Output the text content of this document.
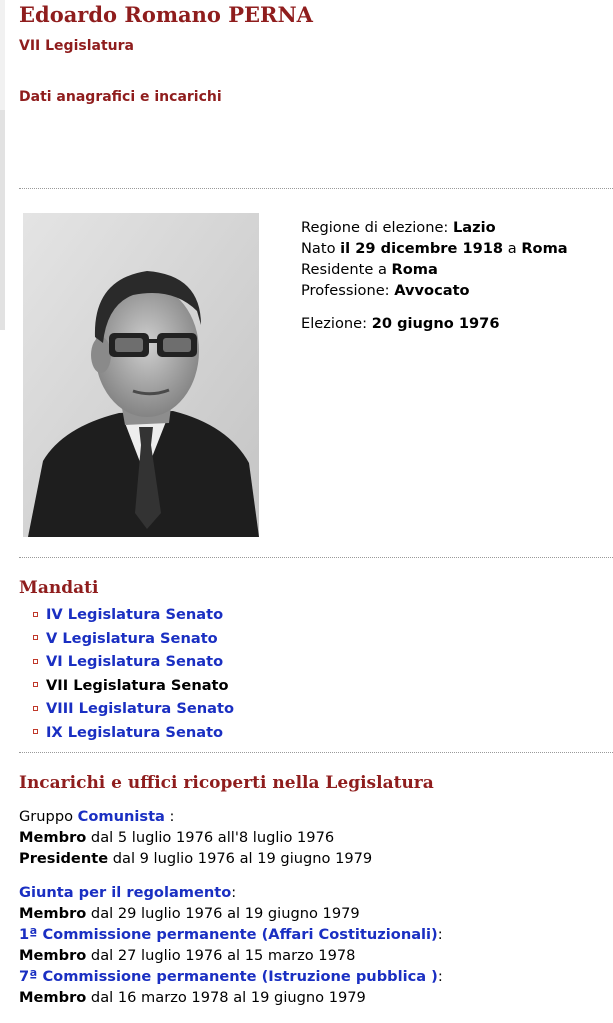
Edoardo Romano PERNA
VII Legislatura
Dati anagrafici e incarichi
Regione di elezione: Lazio
Nato il 29 dicembre 1918 a Roma
Residente a Roma
Professione: Avvocato
Elezione: 20 giugno 1976
Mandati
IV Legislatura Senato
V Legislatura Senato
VI Legislatura Senato
VII Legislatura Senato
VIII Legislatura Senato
IX Legislatura Senato
Incarichi e uffici ricoperti nella Legislatura
Gruppo Comunista :
Membro dal 5 luglio 1976 all'8 luglio 1976
Presidente dal 9 luglio 1976 al 19 giugno 1979
Giunta per il regolamento:
Membro dal 29 luglio 1976 al 19 giugno 1979
1ª Commissione permanente (Affari Costituzionali):
Membro dal 27 luglio 1976 al 15 marzo 1978
7ª Commissione permanente (Istruzione pubblica ):
Membro dal 16 marzo 1978 al 19 giugno 1979
